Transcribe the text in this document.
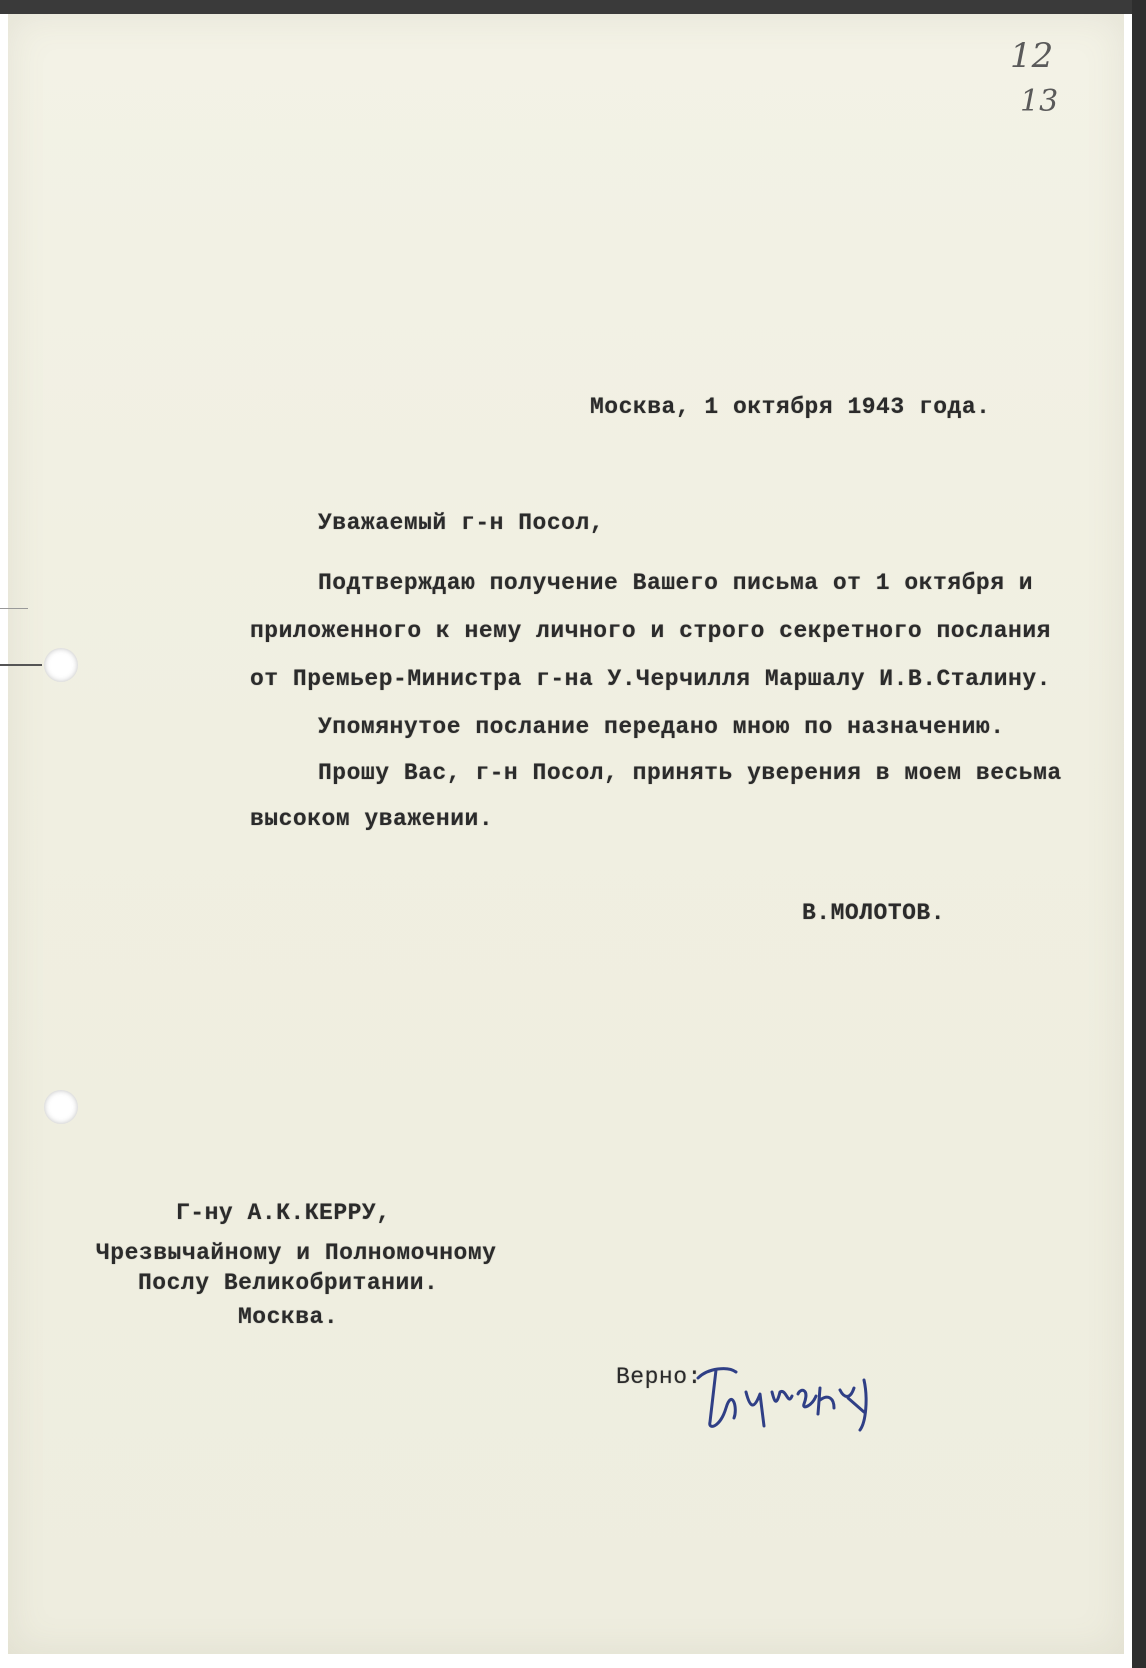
12
13
Москва, 1 октября 1943 года.
Уважаемый г-н Посол,
Подтверждаю получение Вашего письма от 1 октября и
приложенного к нему личного и строго секретного послания
от Премьер-Министра г-на У.Черчилля Маршалу И.В.Сталину.
Упомянутое послание передано мною по назначению.
Прошу Вас, г-н Посол, принять уверения в моем весьма
высоком уважении.
В.МОЛОТОВ.
Г-ну А.К.КЕРРУ,
Чрезвычайному и Полномочному
Послу Великобритании.
Москва.
Верно:
